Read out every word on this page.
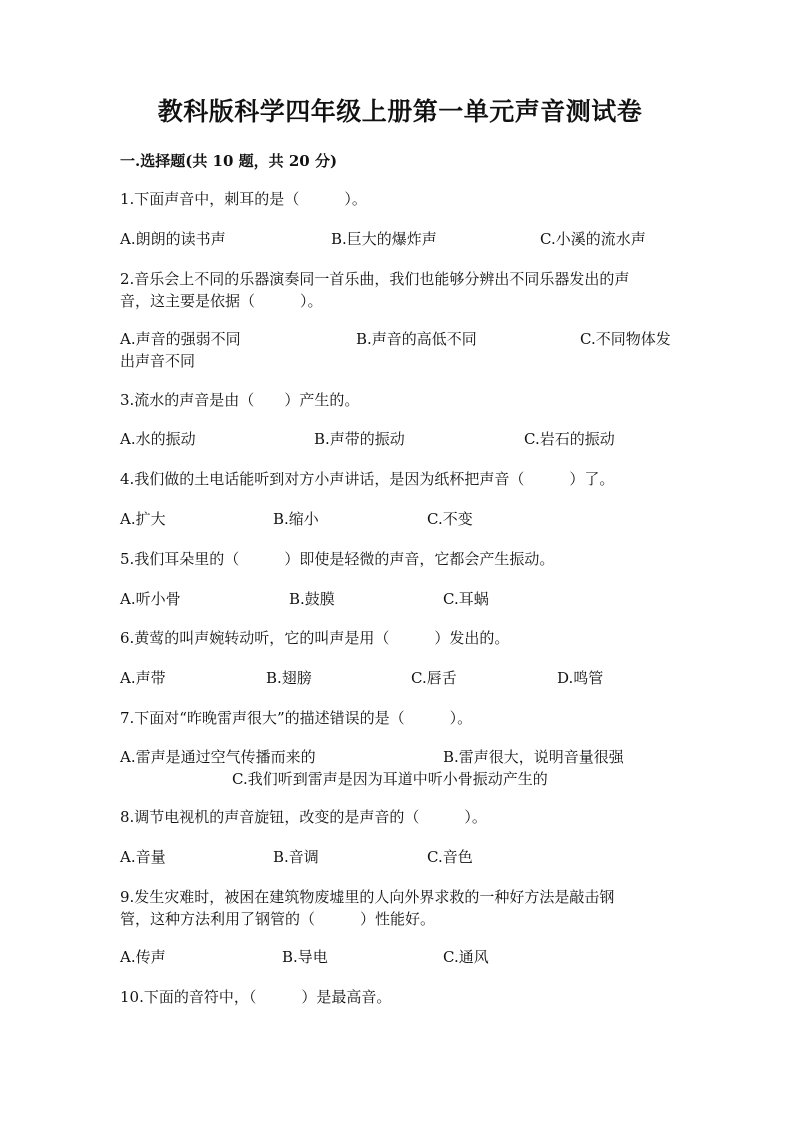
教科版科学四年级上册第一单元声音测试卷
一.选择题(共 10 题，共 20 分)
1.下面声音中，刺耳的是（　　　）。
A.朗朗的读书声	B.巨大的爆炸声	C.小溪的流水声
2.音乐会上不同的乐器演奏同一首乐曲，我们也能够分辨出不同乐器发出的声
音，这主要是依据（　　　）。
A.声音的强弱不同	B.声音的高低不同	C.不同物体发
出声音不同
3.流水的声音是由（　　）产生的。
A.水的振动	B.声带的振动	C.岩石的振动
4.我们做的土电话能听到对方小声讲话，是因为纸杯把声音（　　　）了。
A.扩大	B.缩小	C.不变
5.我们耳朵里的（　　　）即使是轻微的声音，它都会产生振动。
A.听小骨	B.鼓膜	C.耳蜗
6.黄莺的叫声婉转动听，它的叫声是用（　　　）发出的。
A.声带	B.翅膀	C.唇舌	D.鸣管
7.下面对“昨晚雷声很大”的描述错误的是（　　　）。
A.雷声是通过空气传播而来的	B.雷声很大，说明音量很强
C.我们听到雷声是因为耳道中听小骨振动产生的
8.调节电视机的声音旋钮，改变的是声音的（　　　）。
A.音量	B.音调	C.音色
9.发生灾难时，被困在建筑物废墟里的人向外界求救的一种好方法是敲击钢
管，这种方法利用了钢管的（　　　）性能好。
A.传声	B.导电	C.通风
10.下面的音符中，（　　　）是最高音。
